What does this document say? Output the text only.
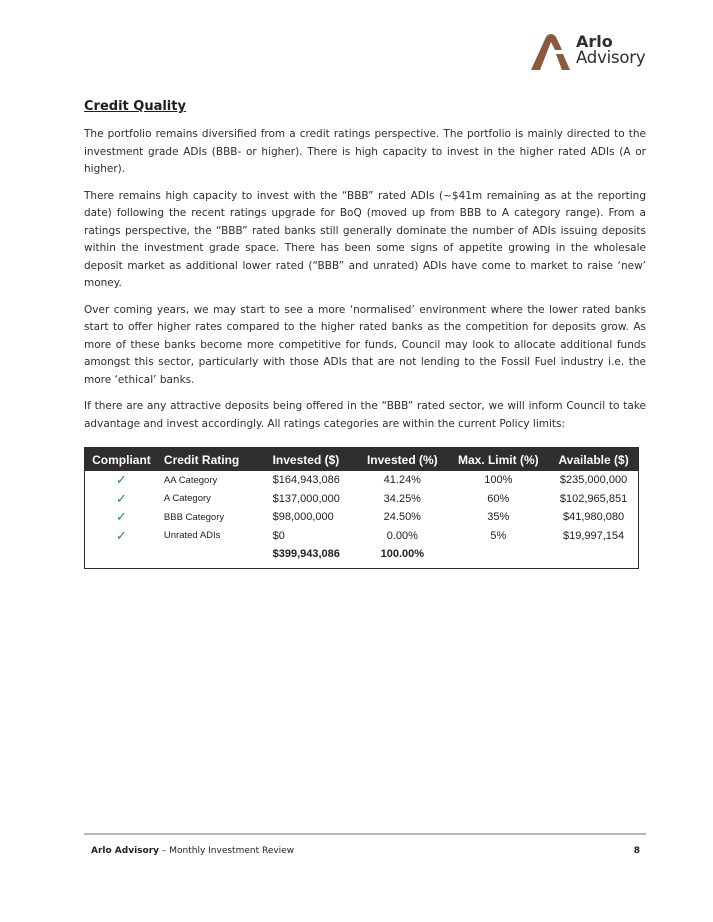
Arlo
Advisory
Credit Quality

The portfolio remains diversified from a credit ratings perspective. The portfolio is mainly directed to the investment grade ADIs (BBB- or higher). There is high capacity to invest in the higher rated ADIs (A or higher).

There remains high capacity to invest with the “BBB” rated ADIs (~$41m remaining as at the reporting date) following the recent ratings upgrade for BoQ (moved up from BBB to A category range). From a ratings perspective, the “BBB” rated banks still generally dominate the number of ADIs issuing deposits within the investment grade space. There has been some signs of appetite growing in the wholesale deposit market as additional lower rated (“BBB” and unrated) ADIs have come to market to raise ‘new’ money.

Over coming years, we may start to see a more ‘normalised’ environment where the lower rated banks start to offer higher rates compared to the higher rated banks as the competition for deposits grow. As more of these banks become more competitive for funds, Council may look to allocate additional funds amongst this sector, particularly with those ADIs that are not lending to the Fossil Fuel industry i.e. the more ‘ethical’ banks.

If there are any attractive deposits being offered in the “BBB” rated sector, we will inform Council to take advantage and invest accordingly. All ratings categories are within the current Policy limits:

Compliant	Credit Rating	Invested ($)	Invested (%)	Max. Limit (%)	Available ($)
✓	AA Category	$164,943,086	41.24%	100%	$235,000,000
✓	A Category	$137,000,000	34.25%	60%	$102,965,851
✓	BBB Category	$98,000,000	24.50%	35%	$41,980,080
✓	Unrated ADIs	$0	0.00%	5%	$19,997,154
		$399,943,086	100.00%		
Arlo Advisory – Monthly Investment Review	8
